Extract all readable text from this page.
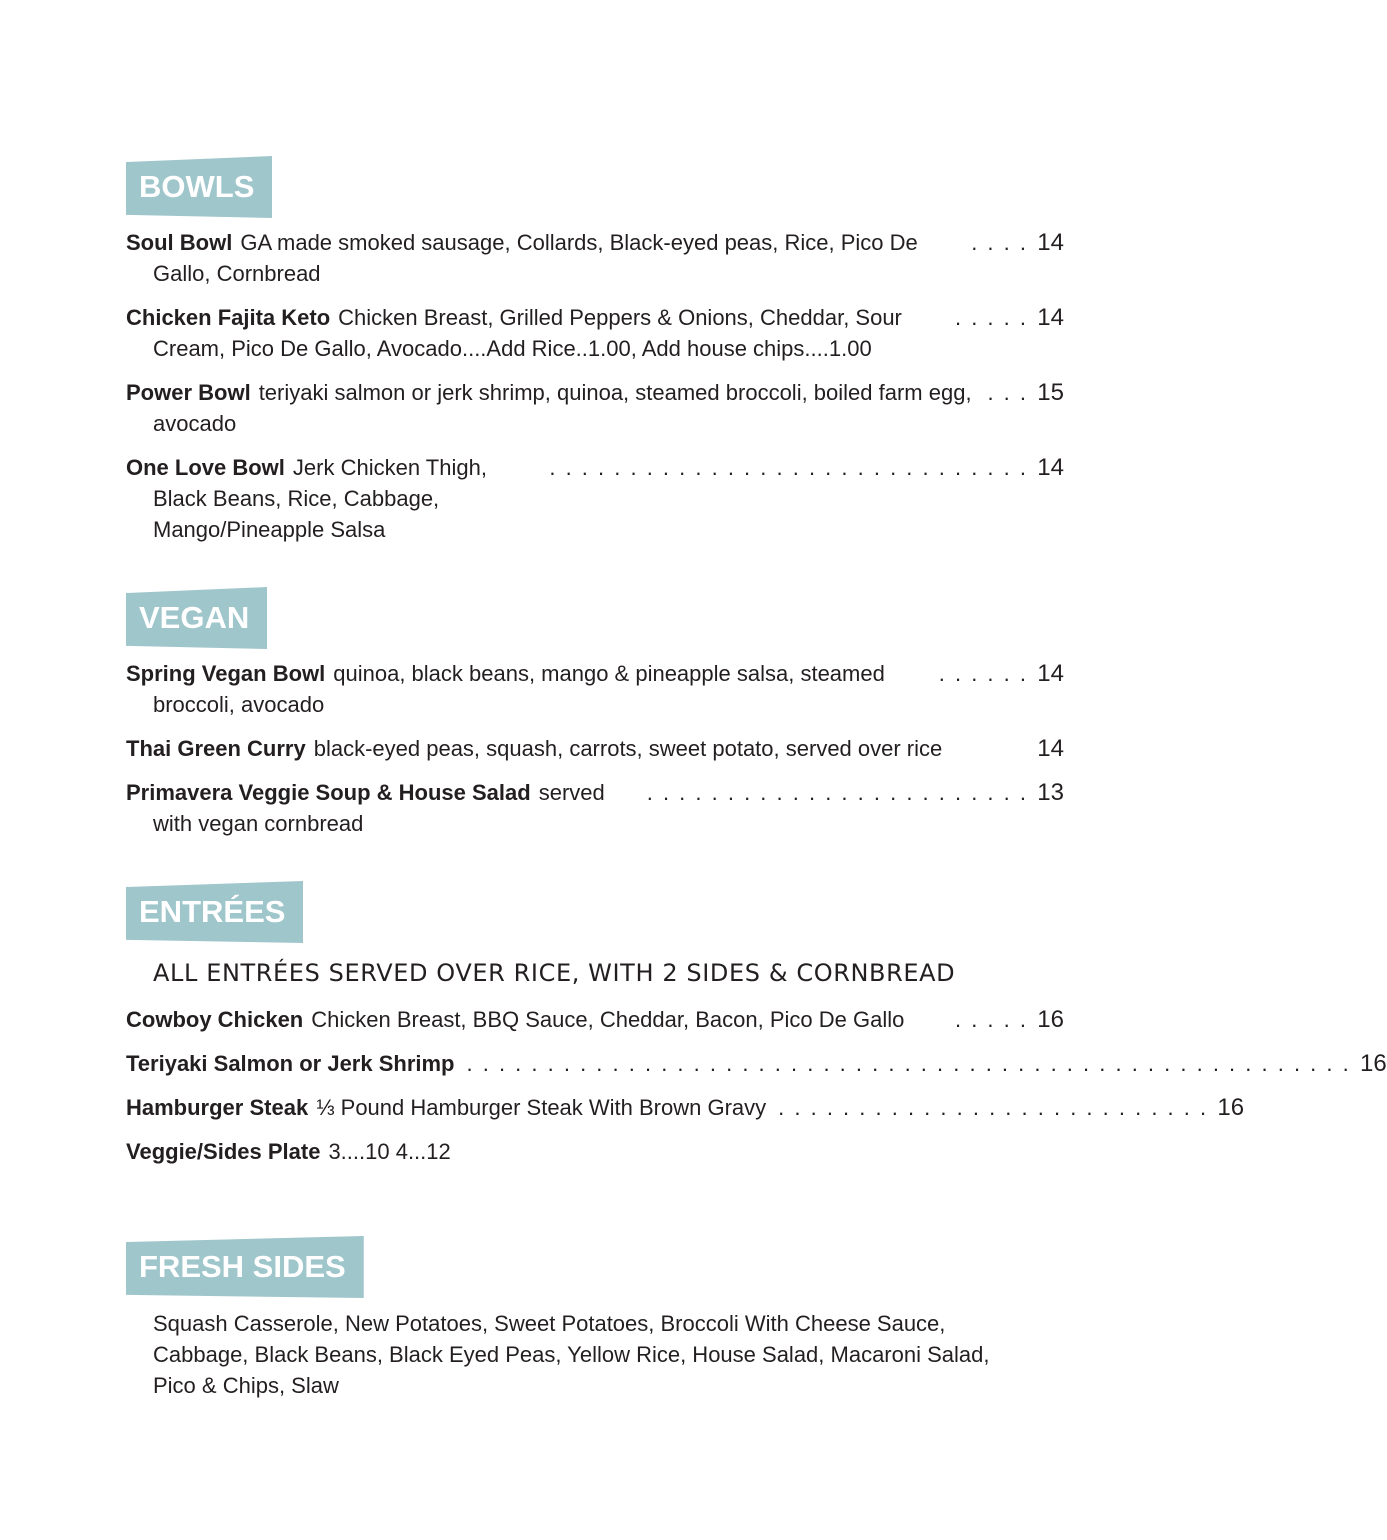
BOWLS
Soul Bowl GA made smoked sausage, Collards, Black-eyed peas, Rice, Pico De Gallo, Cornbread
. . . . 14
Chicken Fajita Keto Chicken Breast, Grilled Peppers & Onions, Cheddar, Sour Cream, Pico De Gallo, Avocado....Add Rice..1.00, Add house chips....1.00
. . . . . 14
Power Bowl teriyaki salmon or jerk shrimp, quinoa, steamed broccoli, boiled farm egg, avocado
. . . 15
One Love Bowl Jerk Chicken Thigh, Black Beans, Rice, Cabbage, Mango/Pineapple Salsa
. . . . . . . . . . . . . . . . . . . . . . . . . . . . . . 14
VEGAN
Spring Vegan Bowl quinoa, black beans, mango & pineapple salsa, steamed broccoli, avocado
. . . . . . 14
Thai Green Curry black-eyed peas, squash, carrots, sweet potato, served over rice	14
Primavera Veggie Soup & House Salad served with vegan cornbread
. . . . . . . . . . . . . . . . . . . . . . . . 13
ENTRÉES
ALL ENTRÉES SERVED OVER RICE, WITH 2 SIDES & CORNBREAD
Cowboy Chicken Chicken Breast, BBQ Sauce, Cheddar, Bacon, Pico De Gallo	. . . . . 16
Teriyaki Salmon or Jerk Shrimp . . . . . . . . . . . . . . . . . . . . . . . . . . . . . . . . . . . . . . . . . . . . . . . . . . . . . . . 16
Hamburger Steak ⅓ Pound Hamburger Steak With Brown Gravy . . . . . . . . . . . . . . . . . . . . . . . . . . . 16
Veggie/Sides Plate 3....10 4...12
FRESH SIDES
Squash Casserole, New Potatoes, Sweet Potatoes, Broccoli With Cheese Sauce, Cabbage, Black Beans, Black Eyed Peas, Yellow Rice, House Salad, Macaroni Salad, Pico & Chips, Slaw
